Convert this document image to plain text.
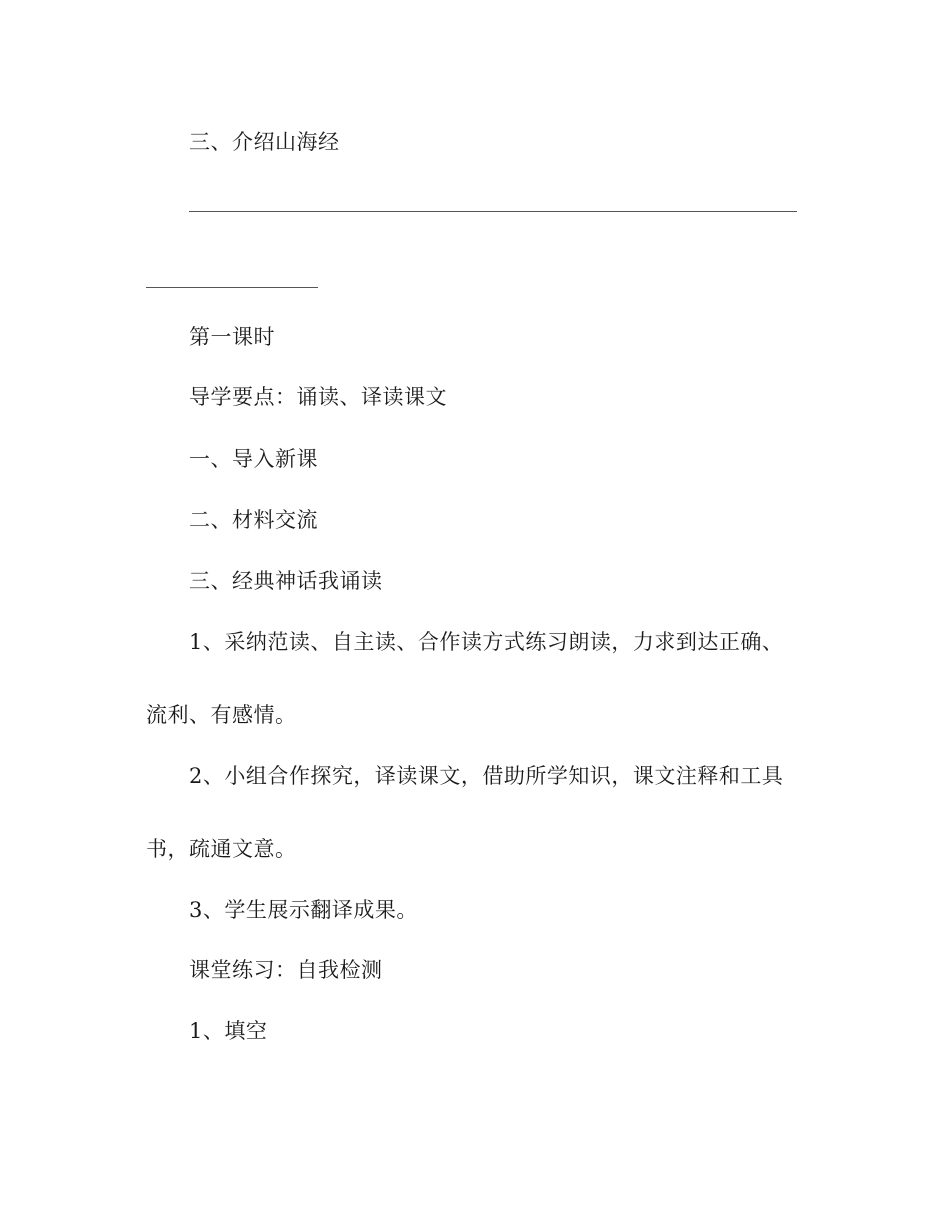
三、介绍山海经
第一课时
导学要点：诵读、译读课文
一、导入新课
二、材料交流
三、经典神话我诵读
1、采纳范读、自主读、合作读方式练习朗读，力求到达正确、
流利、有感情。
2、小组合作探究，译读课文，借助所学知识，课文注释和工具
书，疏通文意。
3、学生展示翻译成果。
课堂练习：自我检测
1、填空
